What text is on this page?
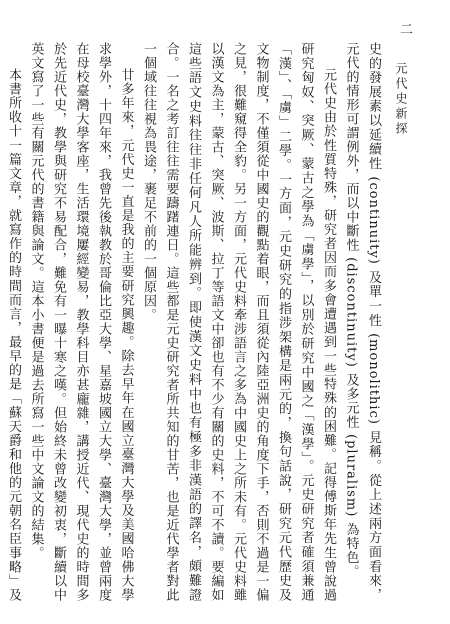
二
元代史新探

史的發展素以延續性 (continuity) 及單一性 (monolithic) 見稱。從上述兩方面看來，元代的情形可謂例外，而以中斷性 (discontinuity) 及多元性 (pluralism) 為特色。

元代史由於性質特殊，研究者因而多會遭遇到一些特殊的困難。記得傅斯年先生曾說過研究匈奴、突厥、蒙古之學為「虜學」，以別於研究中國之「漢學」。元史研究者確須兼通「漢」、「虜」二學。一方面，元史研究的指涉架構是兩元的，換句話說，研究元代歷史及文物制度，不僅須從中國史的觀點着眼，而且須從內陸亞洲史的角度下手，否則不過是一偏之見，很難窺得全豹。另一方面，元代史料牽涉語言之多為中國史上之所未有。元代史料雖以漢文為主，蒙古、突厥、波斯、拉丁等語文中卻也有不少有關的史料，不可不讀。要編如這些語文史料往往非任何凡人所能辨到。即使漢文史料中也有極多非漢語的譯名，頗難證合。一名之考訂往往需要躊躇連日。這些都是元史研究者所共知的甘苦，也是近代學者對此一個域往往視為畏途，裹足不前的一個原因。

廿多年來，元代史一直是我的主要研究興趣。除去早年在國立臺灣大學及美國哈佛大學求學外，十四年來，我曾先後執教於哥倫比亞大學、星嘉坡國立大學、臺灣大學，並曾兩度在母校臺灣大學客座，生活環境屢經變易，教學科目亦甚龐雜，講授近代、現代史的時間多於先近代史，教學與研究不易配合，難免有一曝十寒之嘆。但始終未曾改變初衷，斷續以中英文寫了一些有關元代的書籍與論文。這本小書便是過去所寫一些中文論文的結集。

本書所收十一篇文章，就寫作的時間而言，最早的是「蘇天爵和他的元朝名臣事略」及
